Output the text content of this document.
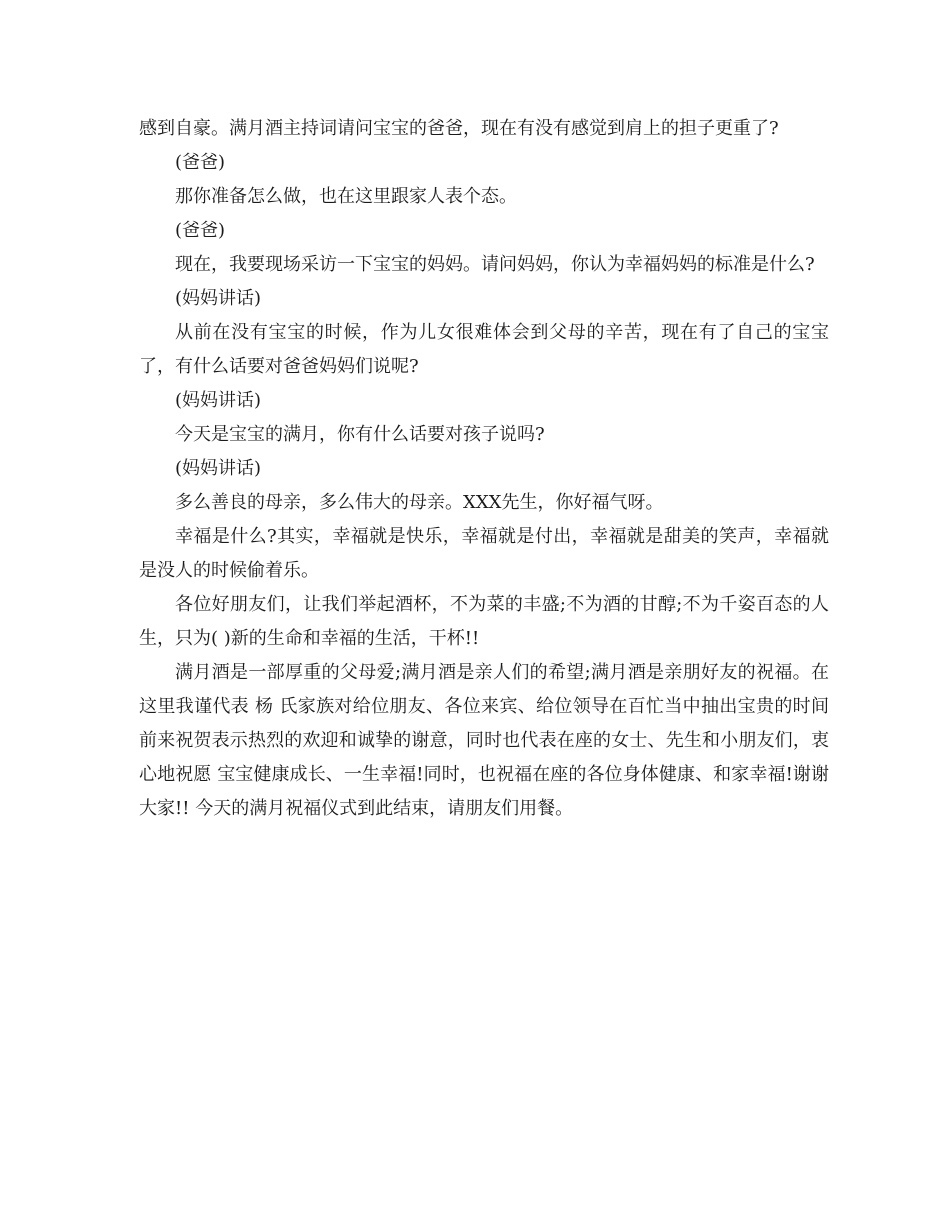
感到自豪。满月酒主持词请问宝宝的爸爸，现在有没有感觉到肩上的担子更重了?

(爸爸)

那你准备怎么做，也在这里跟家人表个态。

(爸爸)

现在，我要现场采访一下宝宝的妈妈。请问妈妈，你认为幸福妈妈的标准是什么?

(妈妈讲话)

从前在没有宝宝的时候，作为儿女很难体会到父母的辛苦，现在有了自己的宝宝了，有什么话要对爸爸妈妈们说呢?

(妈妈讲话)

今天是宝宝的满月，你有什么话要对孩子说吗?

(妈妈讲话)

多么善良的母亲，多么伟大的母亲。XXX先生，你好福气呀。

幸福是什么?其实，幸福就是快乐，幸福就是付出，幸福就是甜美的笑声，幸福就是没人的时候偷着乐。

各位好朋友们，让我们举起酒杯，不为菜的丰盛;不为酒的甘醇;不为千姿百态的人生，只为( )新的生命和幸福的生活，干杯!!

满月酒是一部厚重的父母爱;满月酒是亲人们的希望;满月酒是亲朋好友的祝福。在这里我谨代表 杨 氏家族对给位朋友、各位来宾、给位领导在百忙当中抽出宝贵的时间前来祝贺表示热烈的欢迎和诚挚的谢意，同时也代表在座的女士、先生和小朋友们，衷心地祝愿 宝宝健康成长、一生幸福!同时，也祝福在座的各位身体健康、和家幸福!谢谢大家!! 今天的满月祝福仪式到此结束，请朋友们用餐。
